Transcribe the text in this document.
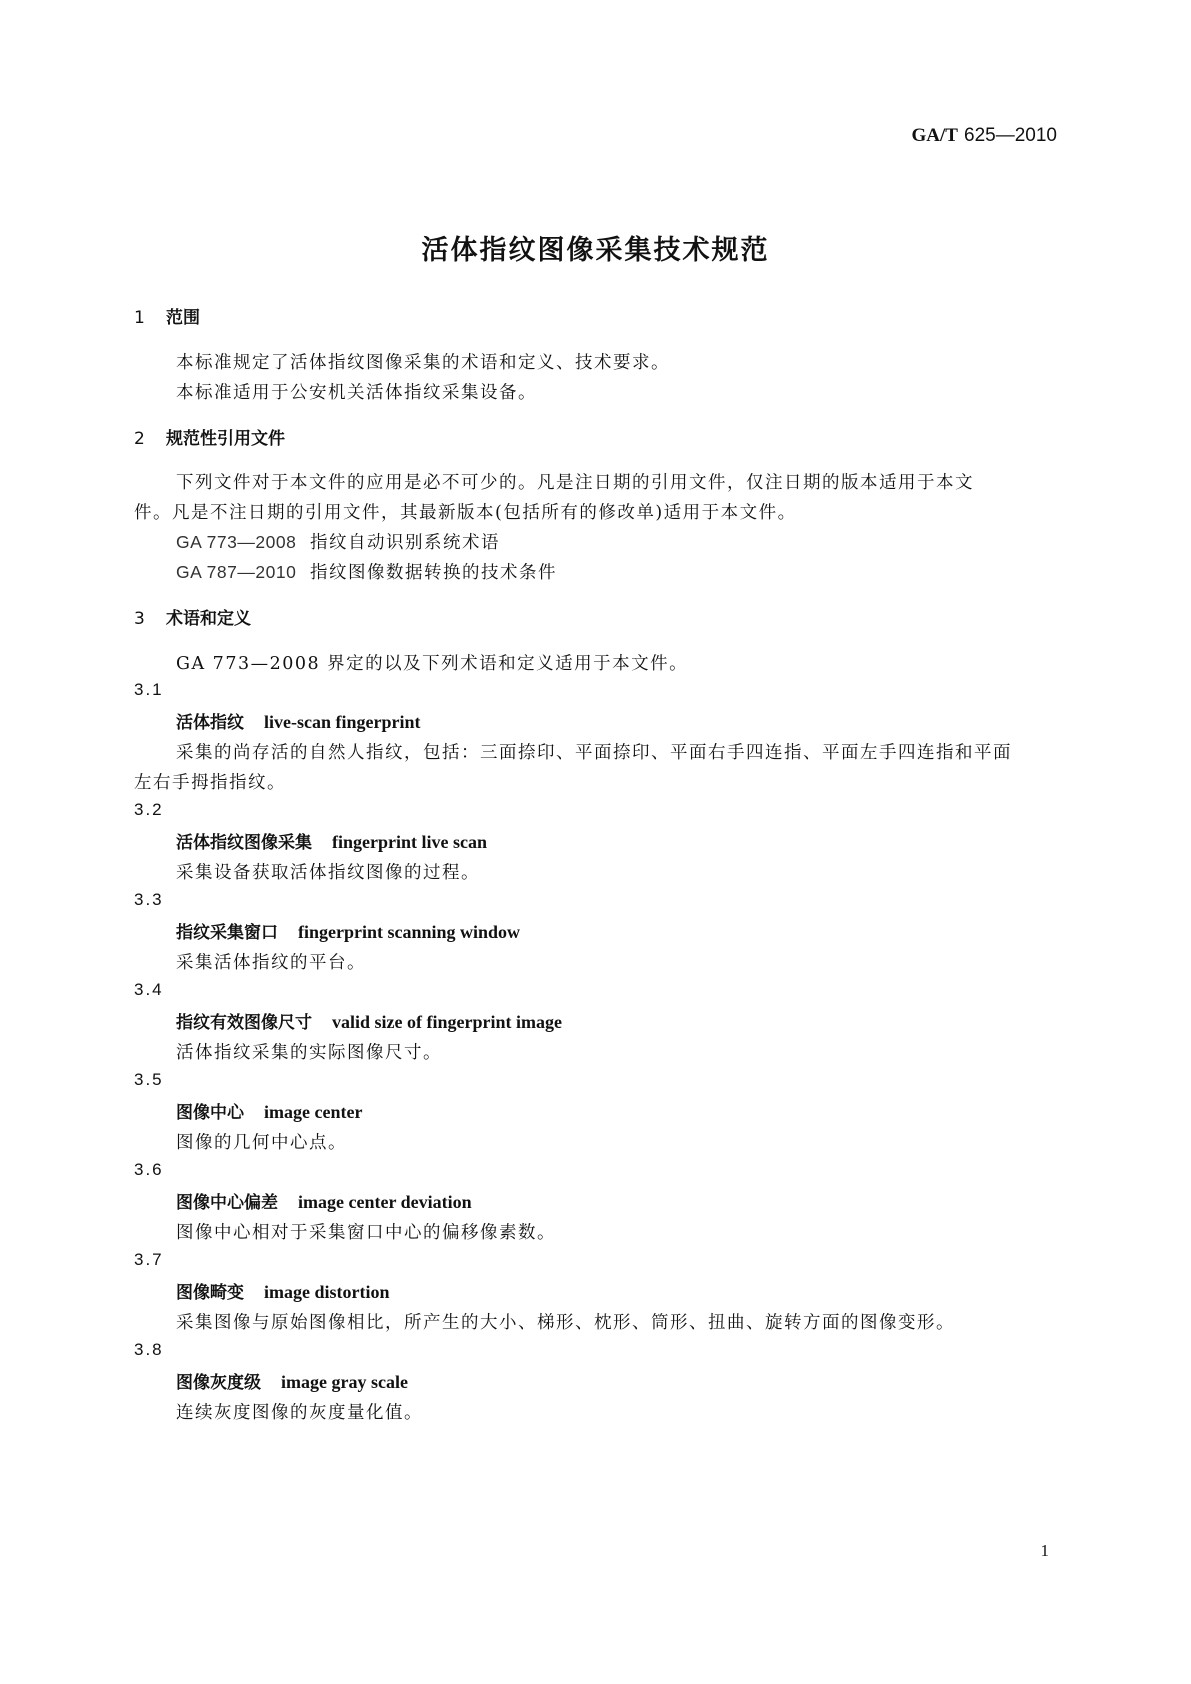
GA/T 625—2010
活体指纹图像采集技术规范
1 范围
本标准规定了活体指纹图像采集的术语和定义、技术要求。
本标准适用于公安机关活体指纹采集设备。
2 规范性引用文件
下列文件对于本文件的应用是必不可少的。凡是注日期的引用文件，仅注日期的版本适用于本文
件。凡是不注日期的引用文件，其最新版本(包括所有的修改单)适用于本文件。
GA 773—2008 指纹自动识别系统术语
GA 787—2010 指纹图像数据转换的技术条件
3 术语和定义
GA 773—2008 界定的以及下列术语和定义适用于本文件。
3.1
活体指纹 live-scan fingerprint
采集的尚存活的自然人指纹，包括：三面捺印、平面捺印、平面右手四连指、平面左手四连指和平面
左右手拇指指纹。
3.2
活体指纹图像采集 fingerprint live scan
采集设备获取活体指纹图像的过程。
3.3
指纹采集窗口 fingerprint scanning window
采集活体指纹的平台。
3.4
指纹有效图像尺寸 valid size of fingerprint image
活体指纹采集的实际图像尺寸。
3.5
图像中心 image center
图像的几何中心点。
3.6
图像中心偏差 image center deviation
图像中心相对于采集窗口中心的偏移像素数。
3.7
图像畸变 image distortion
采集图像与原始图像相比，所产生的大小、梯形、枕形、筒形、扭曲、旋转方面的图像变形。
3.8
图像灰度级 image gray scale
连续灰度图像的灰度量化值。
1
